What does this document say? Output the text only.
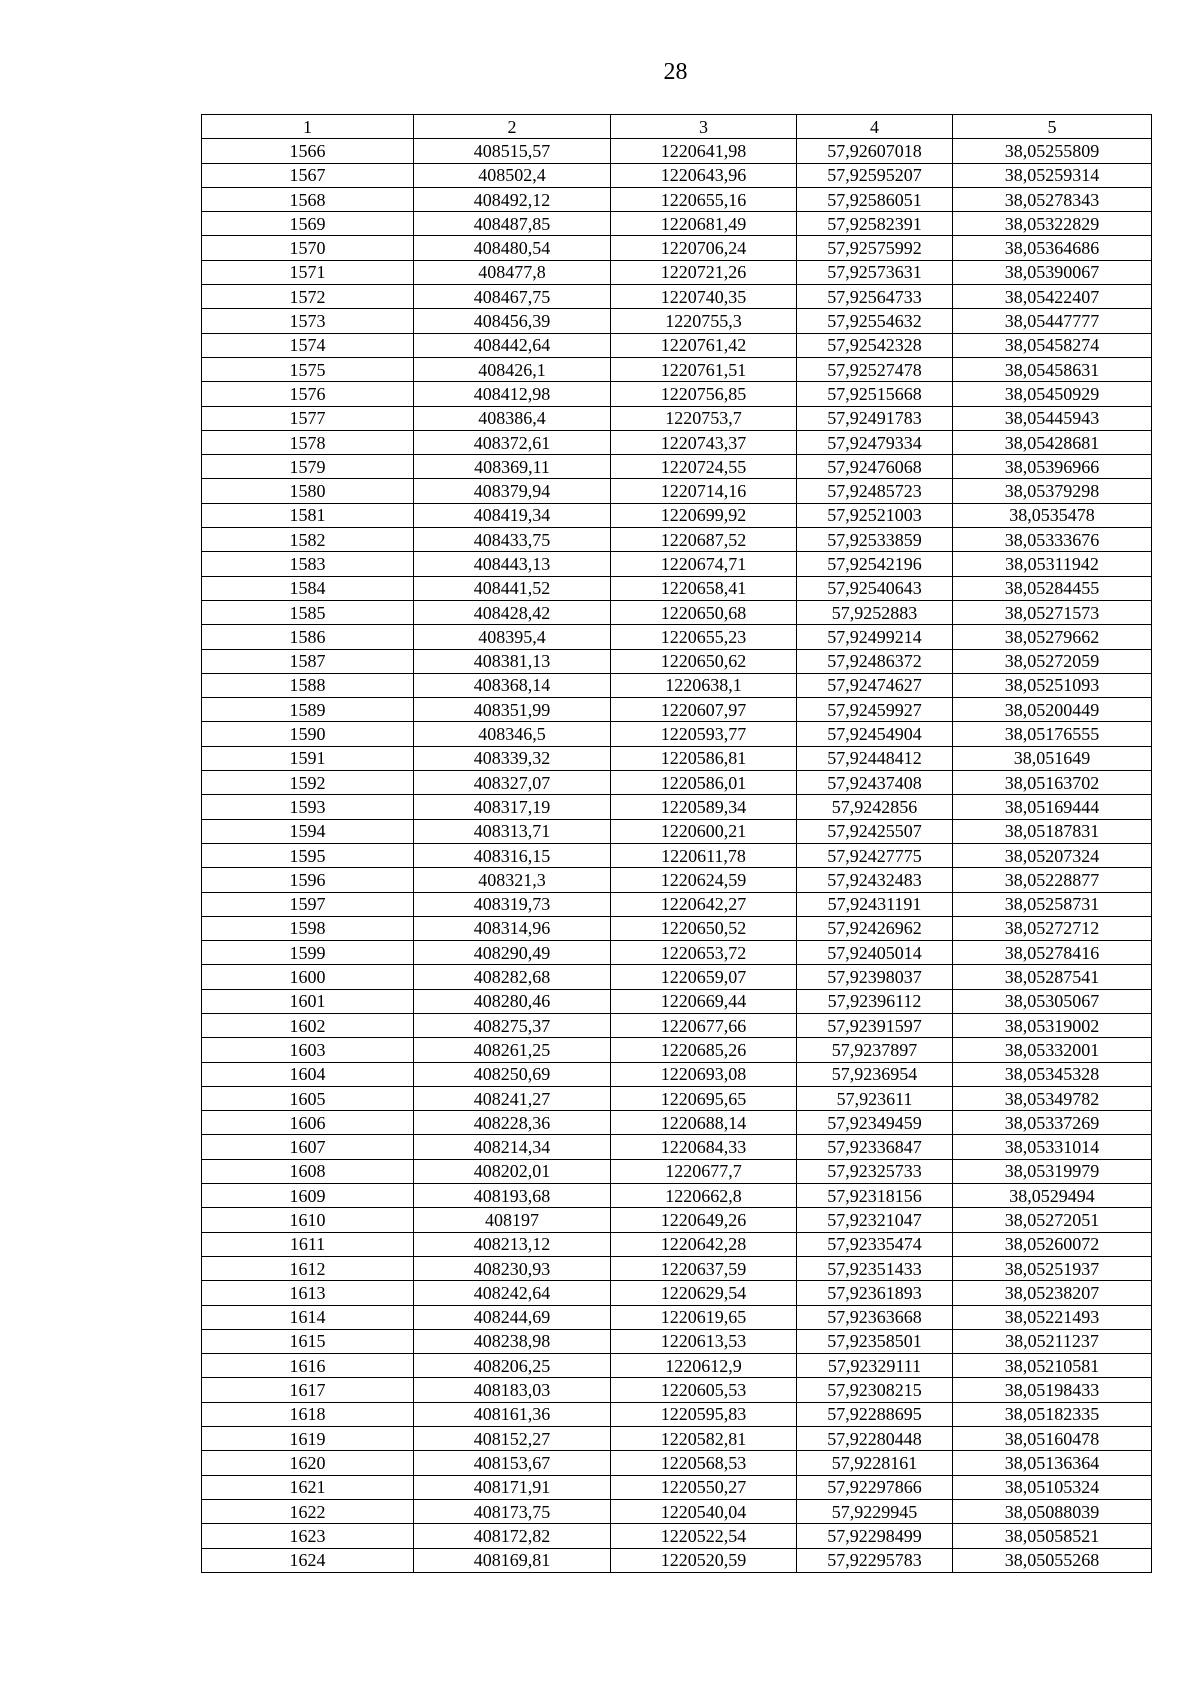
28
1	2	3	4	5
1566	408515,57	1220641,98	57,92607018	38,05255809
1567	408502,4	1220643,96	57,92595207	38,05259314
1568	408492,12	1220655,16	57,92586051	38,05278343
1569	408487,85	1220681,49	57,92582391	38,05322829
1570	408480,54	1220706,24	57,92575992	38,05364686
1571	408477,8	1220721,26	57,92573631	38,05390067
1572	408467,75	1220740,35	57,92564733	38,05422407
1573	408456,39	1220755,3	57,92554632	38,05447777
1574	408442,64	1220761,42	57,92542328	38,05458274
1575	408426,1	1220761,51	57,92527478	38,05458631
1576	408412,98	1220756,85	57,92515668	38,05450929
1577	408386,4	1220753,7	57,92491783	38,05445943
1578	408372,61	1220743,37	57,92479334	38,05428681
1579	408369,11	1220724,55	57,92476068	38,05396966
1580	408379,94	1220714,16	57,92485723	38,05379298
1581	408419,34	1220699,92	57,92521003	38,0535478
1582	408433,75	1220687,52	57,92533859	38,05333676
1583	408443,13	1220674,71	57,92542196	38,05311942
1584	408441,52	1220658,41	57,92540643	38,05284455
1585	408428,42	1220650,68	57,9252883	38,05271573
1586	408395,4	1220655,23	57,92499214	38,05279662
1587	408381,13	1220650,62	57,92486372	38,05272059
1588	408368,14	1220638,1	57,92474627	38,05251093
1589	408351,99	1220607,97	57,92459927	38,05200449
1590	408346,5	1220593,77	57,92454904	38,05176555
1591	408339,32	1220586,81	57,92448412	38,051649
1592	408327,07	1220586,01	57,92437408	38,05163702
1593	408317,19	1220589,34	57,9242856	38,05169444
1594	408313,71	1220600,21	57,92425507	38,05187831
1595	408316,15	1220611,78	57,92427775	38,05207324
1596	408321,3	1220624,59	57,92432483	38,05228877
1597	408319,73	1220642,27	57,92431191	38,05258731
1598	408314,96	1220650,52	57,92426962	38,05272712
1599	408290,49	1220653,72	57,92405014	38,05278416
1600	408282,68	1220659,07	57,92398037	38,05287541
1601	408280,46	1220669,44	57,92396112	38,05305067
1602	408275,37	1220677,66	57,92391597	38,05319002
1603	408261,25	1220685,26	57,9237897	38,05332001
1604	408250,69	1220693,08	57,9236954	38,05345328
1605	408241,27	1220695,65	57,923611	38,05349782
1606	408228,36	1220688,14	57,92349459	38,05337269
1607	408214,34	1220684,33	57,92336847	38,05331014
1608	408202,01	1220677,7	57,92325733	38,05319979
1609	408193,68	1220662,8	57,92318156	38,0529494
1610	408197	1220649,26	57,92321047	38,05272051
1611	408213,12	1220642,28	57,92335474	38,05260072
1612	408230,93	1220637,59	57,92351433	38,05251937
1613	408242,64	1220629,54	57,92361893	38,05238207
1614	408244,69	1220619,65	57,92363668	38,05221493
1615	408238,98	1220613,53	57,92358501	38,05211237
1616	408206,25	1220612,9	57,92329111	38,05210581
1617	408183,03	1220605,53	57,92308215	38,05198433
1618	408161,36	1220595,83	57,92288695	38,05182335
1619	408152,27	1220582,81	57,92280448	38,05160478
1620	408153,67	1220568,53	57,9228161	38,05136364
1621	408171,91	1220550,27	57,92297866	38,05105324
1622	408173,75	1220540,04	57,9229945	38,05088039
1623	408172,82	1220522,54	57,92298499	38,05058521
1624	408169,81	1220520,59	57,92295783	38,05055268
